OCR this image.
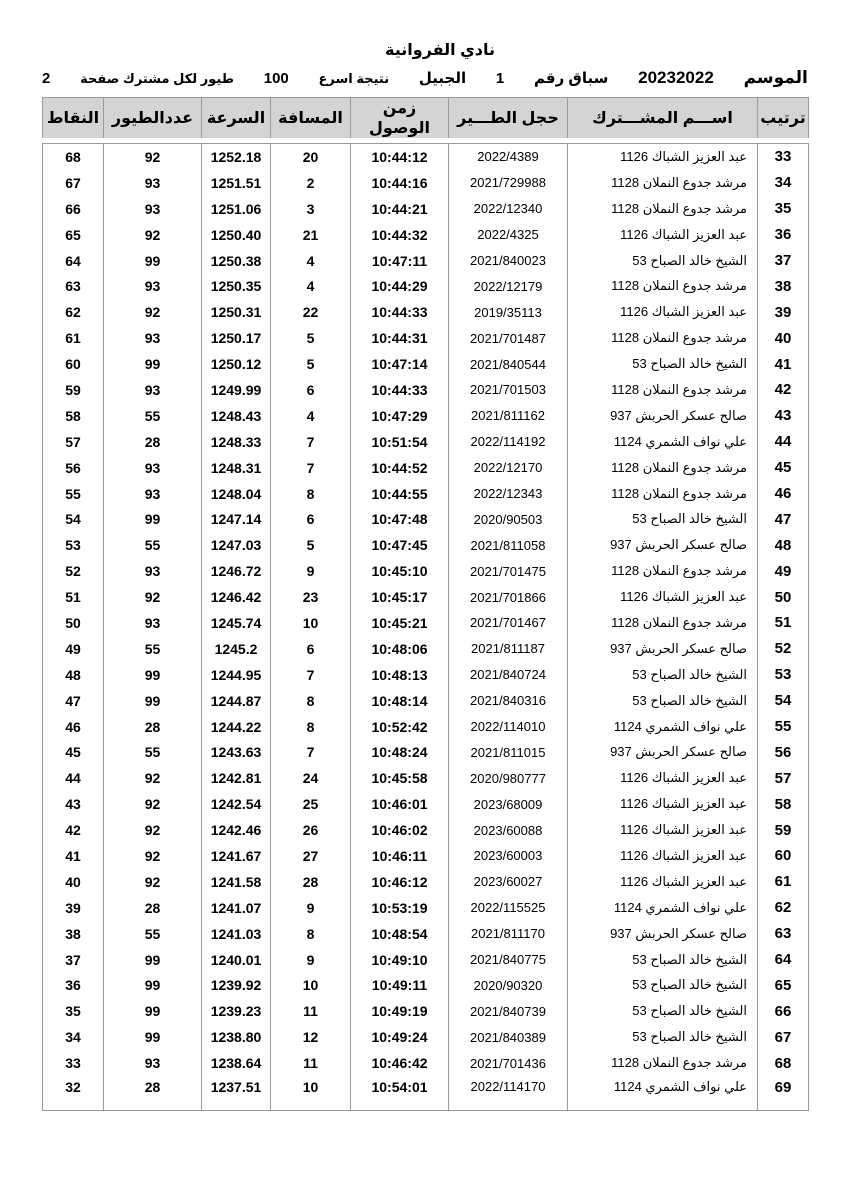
نادي الفروانية
الموسم
20232022
سباق رقم
1
الجبيل
نتيجة اسرع
100
طيور لكل مشترك صفحة
2
ترتيب	اســـم المشـــترك	حجل الطـــير	زمن الوصول	المسافة	السرعة	عددالطيور	النقاط

33	عبد العزيز الشباك 1126	2022/4389	10:44:12	20	1252.18	92	68
34	مرشد جدوع النملان 1128	2021/729988	10:44:16	2	1251.51	93	67
35	مرشد جدوع النملان 1128	2022/12340	10:44:21	3	1251.06	93	66
36	عبد العزيز الشباك 1126	2022/4325	10:44:32	21	1250.40	92	65
37	الشيخ خالد الصباح 53	2021/840023	10:47:11	4	1250.38	99	64
38	مرشد جدوع النملان 1128	2022/12179	10:44:29	4	1250.35	93	63
39	عبد العزيز الشباك 1126	2019/35113	10:44:33	22	1250.31	92	62
40	مرشد جدوع النملان 1128	2021/701487	10:44:31	5	1250.17	93	61
41	الشيخ خالد الصباح 53	2021/840544	10:47:14	5	1250.12	99	60
42	مرشد جدوع النملان 1128	2021/701503	10:44:33	6	1249.99	93	59
43	صالح عسكر الحربش 937	2021/811162	10:47:29	4	1248.43	55	58
44	علي نواف الشمري 1124	2022/114192	10:51:54	7	1248.33	28	57
45	مرشد جدوع النملان 1128	2022/12170	10:44:52	7	1248.31	93	56
46	مرشد جدوع النملان 1128	2022/12343	10:44:55	8	1248.04	93	55
47	الشيخ خالد الصباح 53	2020/90503	10:47:48	6	1247.14	99	54
48	صالح عسكر الحربش 937	2021/811058	10:47:45	5	1247.03	55	53
49	مرشد جدوع النملان 1128	2021/701475	10:45:10	9	1246.72	93	52
50	عبد العزيز الشباك 1126	2021/701866	10:45:17	23	1246.42	92	51
51	مرشد جدوع النملان 1128	2021/701467	10:45:21	10	1245.74	93	50
52	صالح عسكر الحربش 937	2021/811187	10:48:06	6	1245.2	55	49
53	الشيخ خالد الصباح 53	2021/840724	10:48:13	7	1244.95	99	48
54	الشيخ خالد الصباح 53	2021/840316	10:48:14	8	1244.87	99	47
55	علي نواف الشمري 1124	2022/114010	10:52:42	8	1244.22	28	46
56	صالح عسكر الحربش 937	2021/811015	10:48:24	7	1243.63	55	45
57	عبد العزيز الشباك 1126	2020/980777	10:45:58	24	1242.81	92	44
58	عبد العزيز الشباك 1126	2023/68009	10:46:01	25	1242.54	92	43
59	عبد العزيز الشباك 1126	2023/60088	10:46:02	26	1242.46	92	42
60	عبد العزيز الشباك 1126	2023/60003	10:46:11	27	1241.67	92	41
61	عبد العزيز الشباك 1126	2023/60027	10:46:12	28	1241.58	92	40
62	علي نواف الشمري 1124	2022/115525	10:53:19	9	1241.07	28	39
63	صالح عسكر الحربش 937	2021/811170	10:48:54	8	1241.03	55	38
64	الشيخ خالد الصباح 53	2021/840775	10:49:10	9	1240.01	99	37
65	الشيخ خالد الصباح 53	2020/90320	10:49:11	10	1239.92	99	36
66	الشيخ خالد الصباح 53	2021/840739	10:49:19	11	1239.23	99	35
67	الشيخ خالد الصباح 53	2021/840389	10:49:24	12	1238.80	99	34
68	مرشد جدوع النملان 1128	2021/701436	10:46:42	11	1238.64	93	33
69	علي نواف الشمري 1124	2022/114170	10:54:01	10	1237.51	28	32
